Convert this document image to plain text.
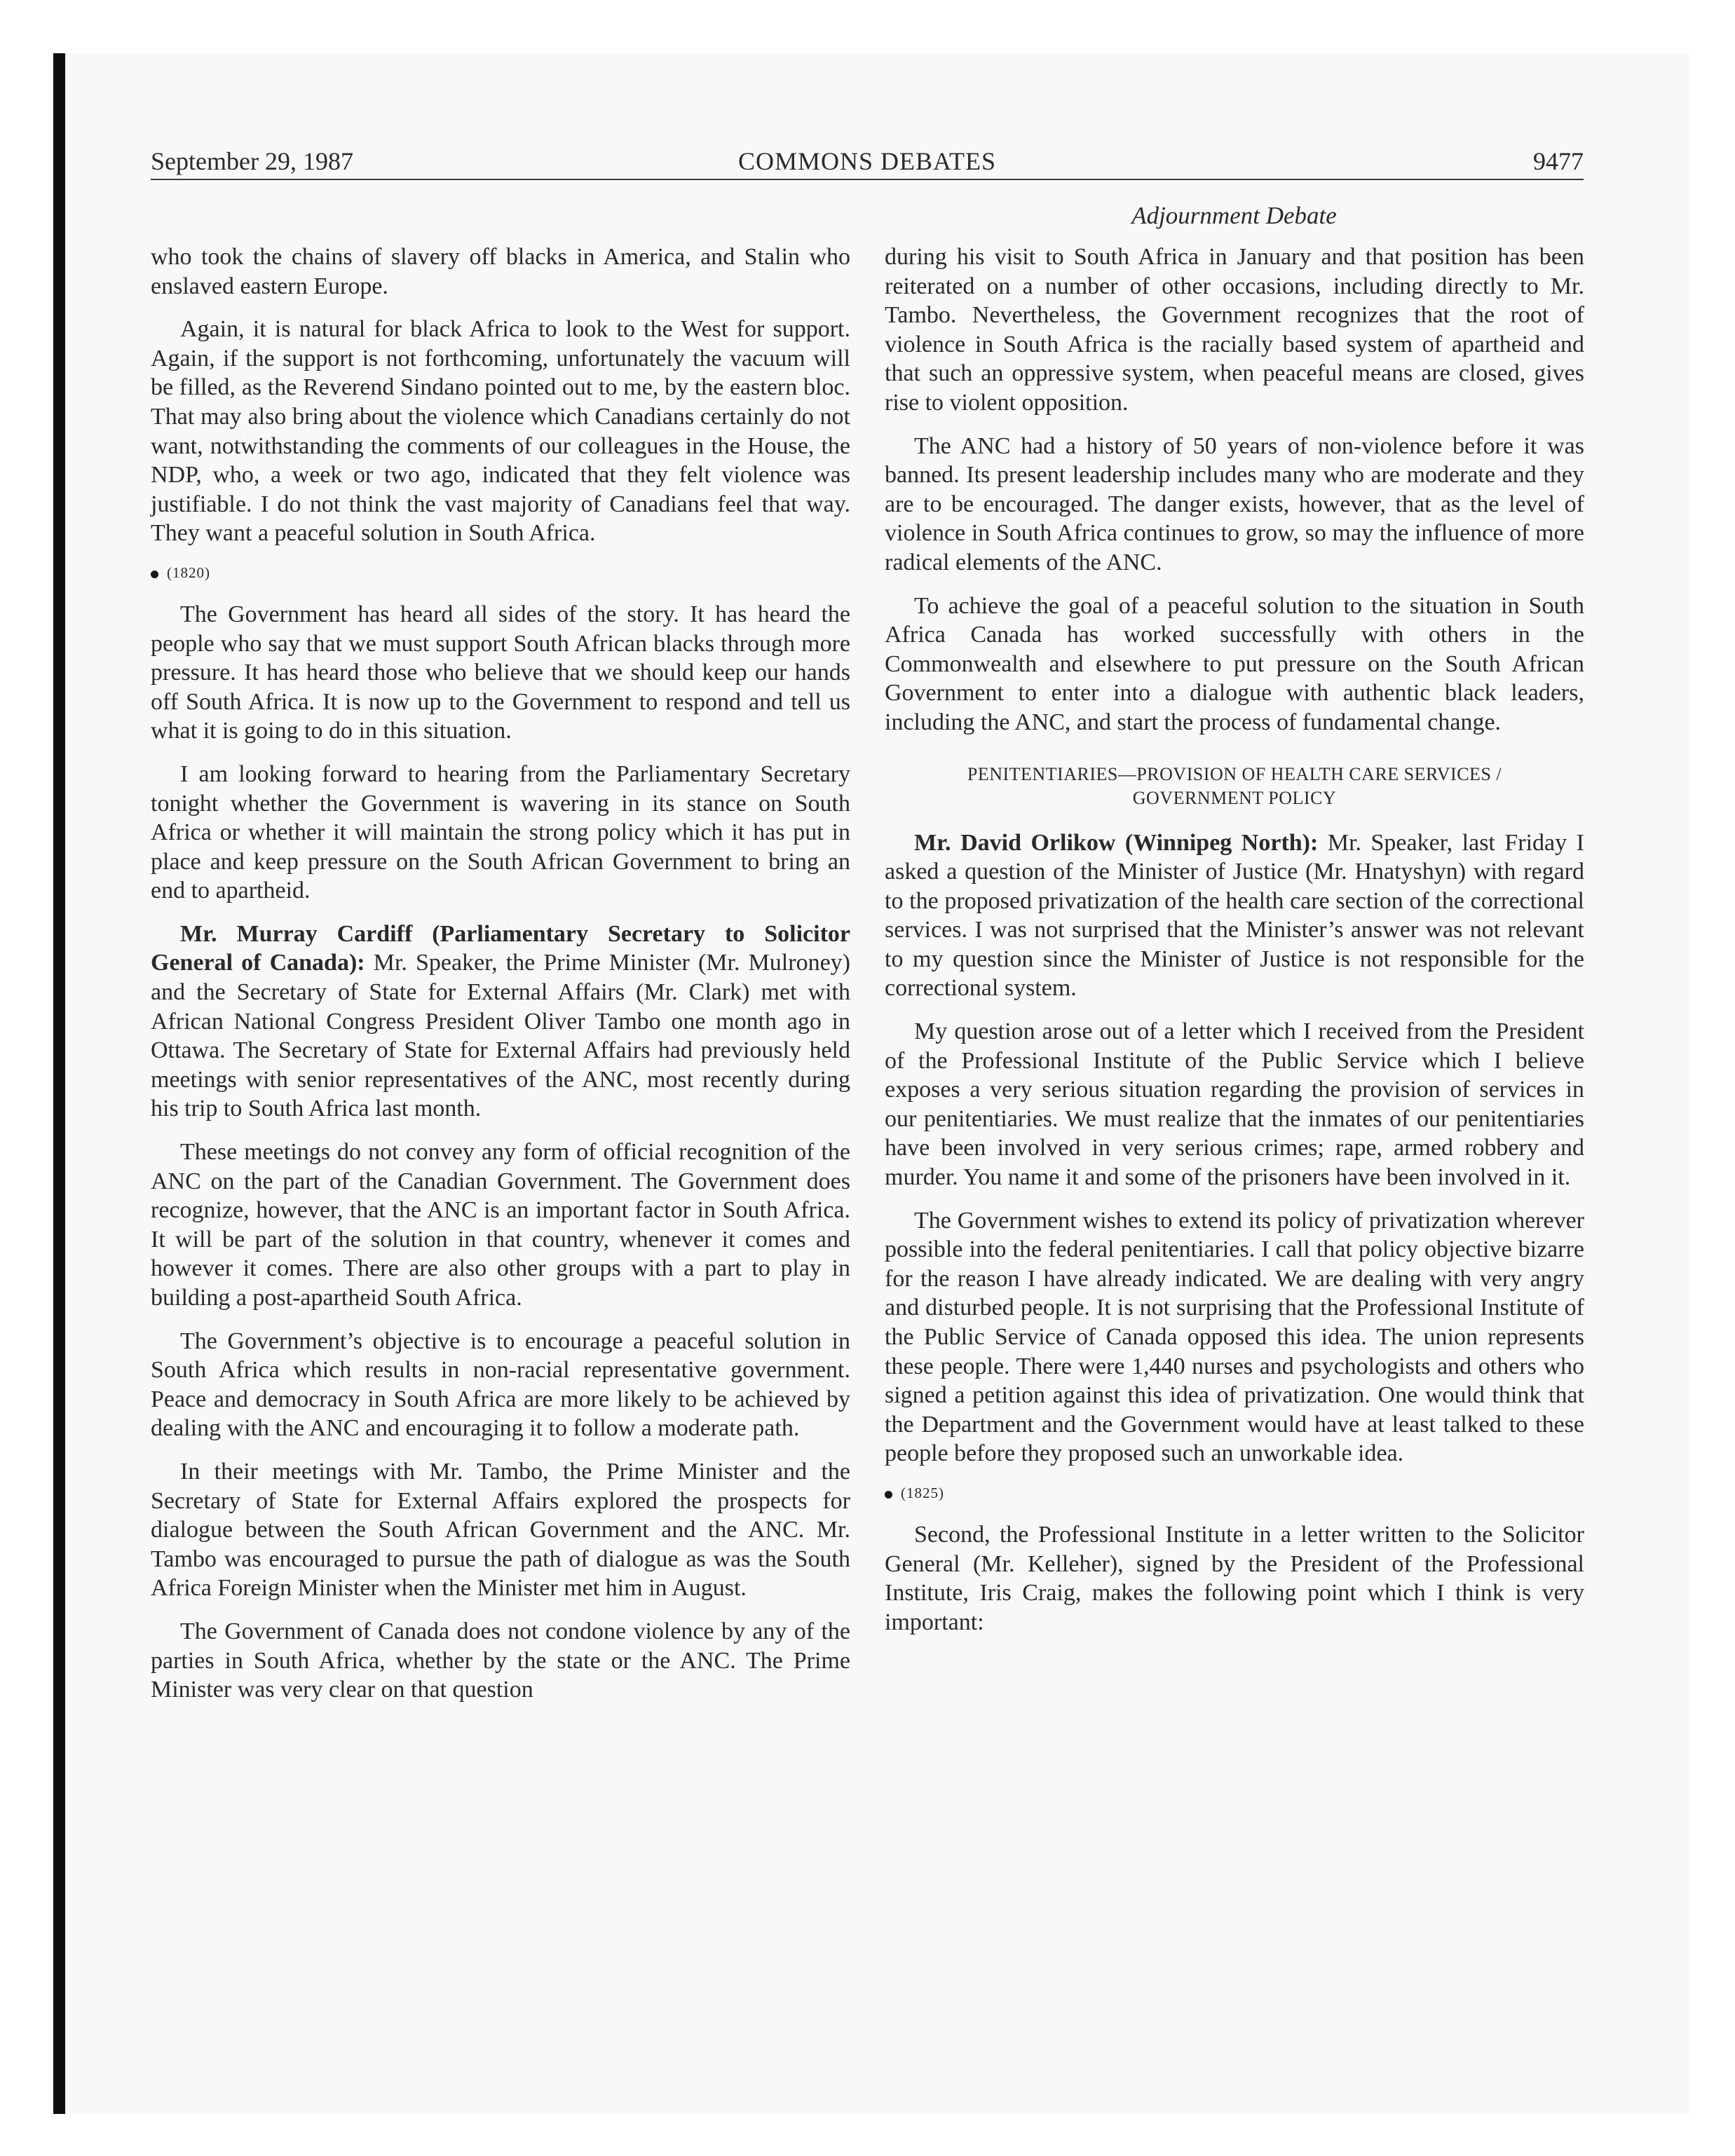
September 29, 1987	COMMONS DEBATES	9477
Adjournment Debate

who took the chains of slavery off blacks in America, and Stalin who enslaved eastern Europe.

Again, it is natural for black Africa to look to the West for support. Again, if the support is not forthcoming, unfortunately the vacuum will be filled, as the Reverend Sindano pointed out to me, by the eastern bloc. That may also bring about the violence which Canadians certainly do not want, notwithstanding the comments of our colleagues in the House, the NDP, who, a week or two ago, indicated that they felt violence was justifiable. I do not think the vast majority of Canadians feel that way. They want a peaceful solution in South Africa.

(1820)

The Government has heard all sides of the story. It has heard the people who say that we must support South African blacks through more pressure. It has heard those who believe that we should keep our hands off South Africa. It is now up to the Government to respond and tell us what it is going to do in this situation.

I am looking forward to hearing from the Parliamentary Secretary tonight whether the Government is wavering in its stance on South Africa or whether it will maintain the strong policy which it has put in place and keep pressure on the South African Government to bring an end to apartheid.

Mr. Murray Cardiff (Parliamentary Secretary to Solicitor General of Canada): Mr. Speaker, the Prime Minister (Mr. Mulroney) and the Secretary of State for External Affairs (Mr. Clark) met with African National Congress President Oliver Tambo one month ago in Ottawa. The Secretary of State for External Affairs had previously held meetings with senior representatives of the ANC, most recently during his trip to South Africa last month.

These meetings do not convey any form of official recognition of the ANC on the part of the Canadian Government. The Government does recognize, however, that the ANC is an important factor in South Africa. It will be part of the solution in that country, whenever it comes and however it comes. There are also other groups with a part to play in building a post-apartheid South Africa.

The Government’s objective is to encourage a peaceful solution in South Africa which results in non-racial representative government. Peace and democracy in South Africa are more likely to be achieved by dealing with the ANC and encouraging it to follow a moderate path.

In their meetings with Mr. Tambo, the Prime Minister and the Secretary of State for External Affairs explored the prospects for dialogue between the South African Government and the ANC. Mr. Tambo was encouraged to pursue the path of dialogue as was the South Africa Foreign Minister when the Minister met him in August.

The Government of Canada does not condone violence by any of the parties in South Africa, whether by the state or the ANC. The Prime Minister was very clear on that question

during his visit to South Africa in January and that position has been reiterated on a number of other occasions, including directly to Mr. Tambo. Nevertheless, the Government recognizes that the root of violence in South Africa is the racially based system of apartheid and that such an oppressive system, when peaceful means are closed, gives rise to violent opposition.

The ANC had a history of 50 years of non-violence before it was banned. Its present leadership includes many who are moderate and they are to be encouraged. The danger exists, however, that as the level of violence in South Africa continues to grow, so may the influence of more radical elements of the ANC.

To achieve the goal of a peaceful solution to the situation in South Africa Canada has worked successfully with others in the Commonwealth and elsewhere to put pressure on the South African Government to enter into a dialogue with authentic black leaders, including the ANC, and start the process of fundamental change.

PENITENTIARIES—PROVISION OF HEALTH CARE SERVICES /
GOVERNMENT POLICY

Mr. David Orlikow (Winnipeg North): Mr. Speaker, last Friday I asked a question of the Minister of Justice (Mr. Hnatyshyn) with regard to the proposed privatization of the health care section of the correctional services. I was not surprised that the Minister’s answer was not relevant to my question since the Minister of Justice is not responsible for the correctional system.

My question arose out of a letter which I received from the President of the Professional Institute of the Public Service which I believe exposes a very serious situation regarding the provision of services in our penitentiaries. We must realize that the inmates of our penitentiaries have been involved in very serious crimes; rape, armed robbery and murder. You name it and some of the prisoners have been involved in it.

The Government wishes to extend its policy of privatization wherever possible into the federal penitentiaries. I call that policy objective bizarre for the reason I have already indicated. We are dealing with very angry and disturbed people. It is not surprising that the Professional Institute of the Public Service of Canada opposed this idea. The union represents these people. There were 1,440 nurses and psychologists and others who signed a petition against this idea of privatization. One would think that the Department and the Government would have at least talked to these people before they proposed such an unworkable idea.

(1825)

Second, the Professional Institute in a letter written to the Solicitor General (Mr. Kelleher), signed by the President of the Professional Institute, Iris Craig, makes the following point which I think is very important:
